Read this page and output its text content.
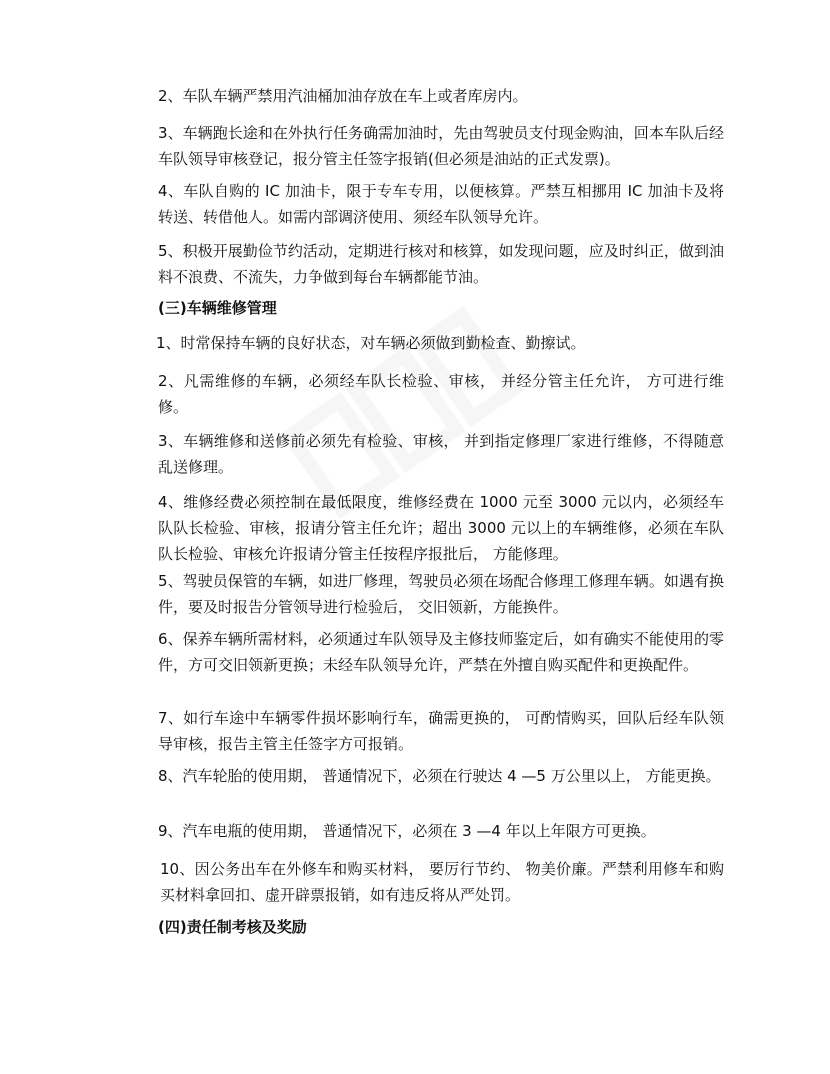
2、车队车辆严禁用汽油桶加油存放在车上或者库房内。

3、车辆跑长途和在外执行任务确需加油时，先由驾驶员支付现金购油，回本车队后经车队领导审核登记，报分管主任签字报销(但必须是油站的正式发票)。

4、车队自购的 IC 加油卡，限于专车专用，以便核算。严禁互相挪用 IC 加油卡及将转送、转借他人。如需内部调济使用、须经车队领导允许。

5、积极开展勤俭节约活动，定期进行核对和核算，如发现问题，应及时纠正，做到油料不浪费、不流失，力争做到每台车辆都能节油。

(三)车辆维修管理

1、时常保持车辆的良好状态，对车辆必须做到勤检查、勤擦试。

2、凡需维修的车辆，必须经车队长检验、审核， 并经分管主任允许， 方可进行维修。

3、车辆维修和送修前必须先有检验、审核， 并到指定修理厂家进行维修，不得随意乱送修理。

4、维修经费必须控制在最低限度，维修经费在 1000 元至 3000 元以内，必须经车队队长检验、审核，报请分管主任允许；超出 3000 元以上的车辆维修，必须在车队队长检验、审核允许报请分管主任按程序报批后， 方能修理。

5、驾驶员保管的车辆，如进厂修理，驾驶员必须在场配合修理工修理车辆。如遇有换件，要及时报告分管领导进行检验后， 交旧领新，方能换件。

6、保养车辆所需材料，必须通过车队领导及主修技师鉴定后，如有确实不能使用的零件，方可交旧领新更换；未经车队领导允许，严禁在外擅自购买配件和更换配件。

7、如行车途中车辆零件损坏影响行车，确需更换的， 可酌情购买，回队后经车队领导审核，报告主管主任签字方可报销。

8、汽车轮胎的使用期， 普通情况下，必须在行驶达 4 —5 万公里以上， 方能更换。

9、汽车电瓶的使用期， 普通情况下，必须在 3 —4 年以上年限方可更换。

10、因公务出车在外修车和购买材料， 要厉行节约、 物美价廉。严禁利用修车和购买材料拿回扣、虚开辟票报销，如有违反将从严处罚。

(四)责任制考核及奖励
